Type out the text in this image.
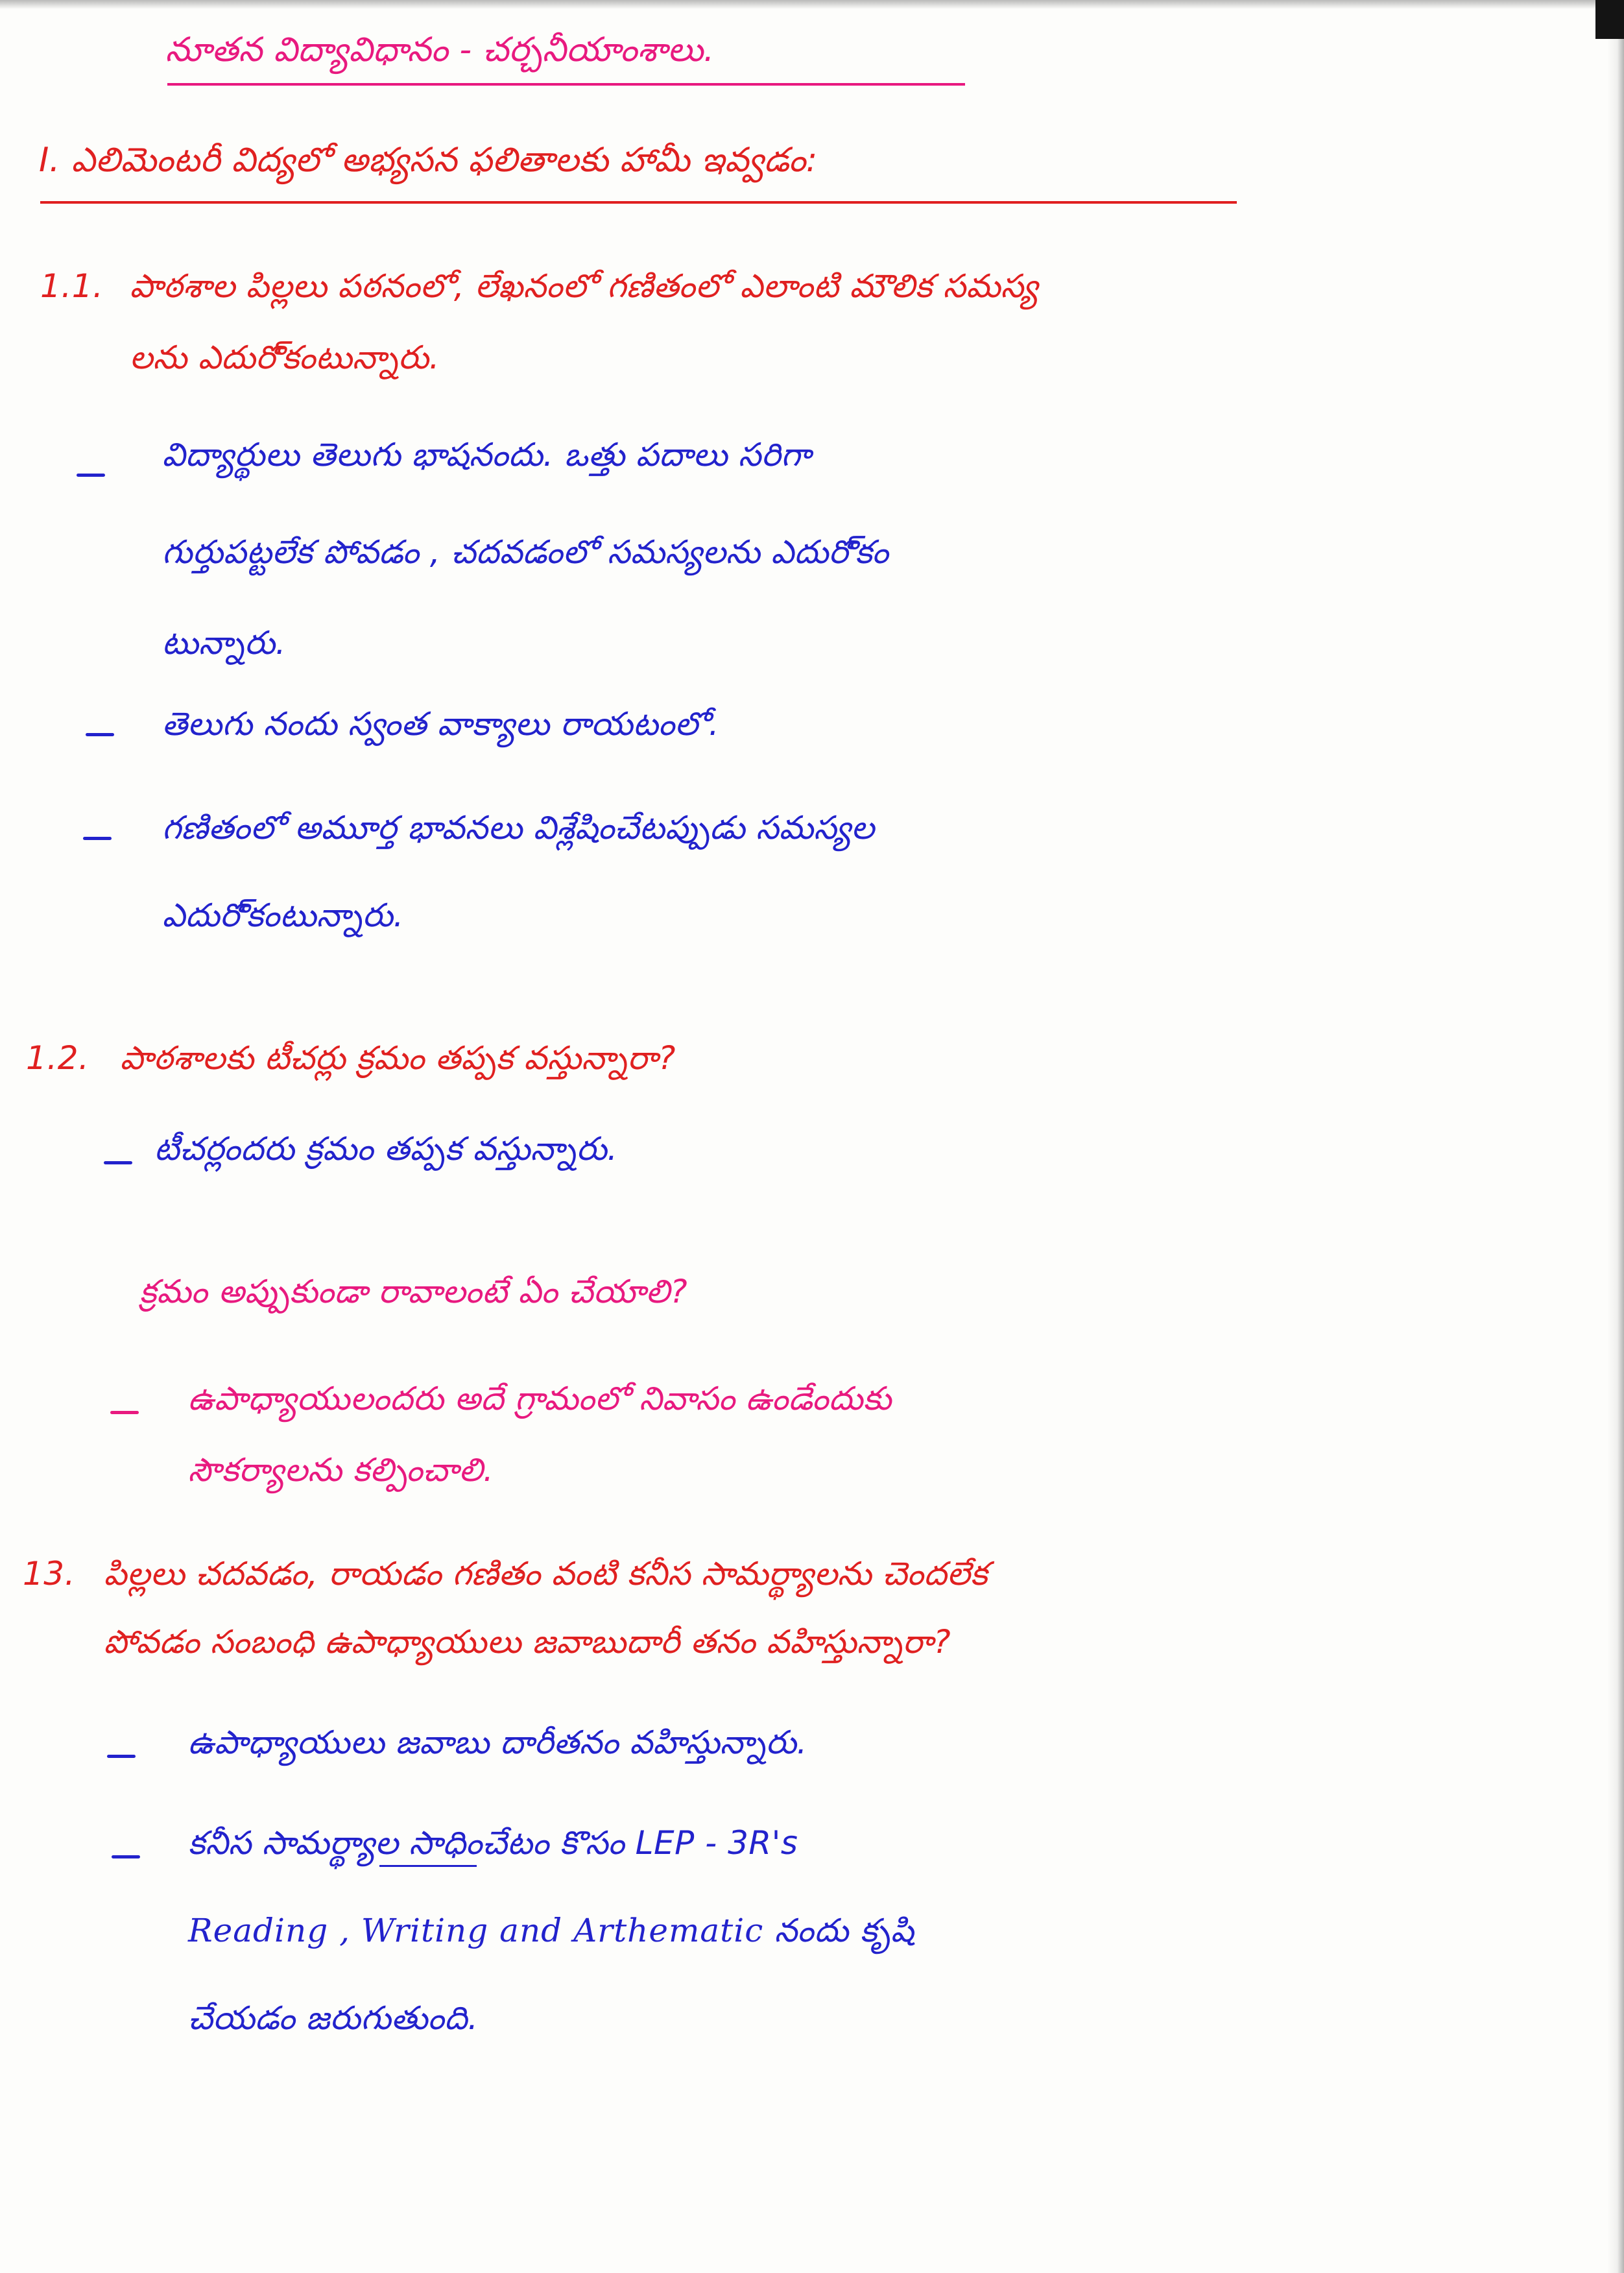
నూతన విద్యావిధానం - చర్చనీయాంశాలు.
I. ఎలిమెంటరీ విద్యలో అభ్యసన ఫలితాలకు హామీ ఇవ్వడం:
1.1. పాఠశాల పిల్లలు పఠనంలో, లేఖనంలో గణితంలో ఎలాంటి మౌలిక సమస్య
లను ఎదురొ్కంటున్నారు.
విద్యార్థులు తెలుగు భాషనందు. ఒత్తు పదాలు సరిగా
గుర్తుపట్టలేక పోవడం , చదవడంలో సమస్యలను ఎదురొ్కం
టున్నారు.
తెలుగు నందు స్వంత వాక్యాలు రాయటంలో.
గణితంలో అమూర్త భావనలు విశ్లేషించేటప్పుడు సమస్యల
ఎదురొ్కంటున్నారు.
1.2. పాఠశాలకు టీచర్లు క్రమం తప్పక వస్తున్నారా?
టీచర్లందరు క్రమం తప్పక వస్తున్నారు.
క్రమం అప్పుకుండా రావాలంటే ఏం చేయాలి?
ఉపాధ్యాయులందరు అదే గ్రామంలో నివాసం ఉండేందుకు
సౌకర్యాలను కల్పించాలి.
13. పిల్లలు చదవడం, రాయడం గణితం వంటి కనీస సామర్థ్యాలను చెందలేక
పోవడం సంబంధి ఉపాధ్యాయులు జవాబుదారీ తనం వహిస్తున్నారా?
ఉపాధ్యాయులు జవాబు దారీతనం వహిస్తున్నారు.
కనీస సామర్థ్యాల సాధించేటం కొసం LEP - 3R's
Reading , Writing and Arthematic నందు కృషి
చేయడం జరుగుతుంది.
